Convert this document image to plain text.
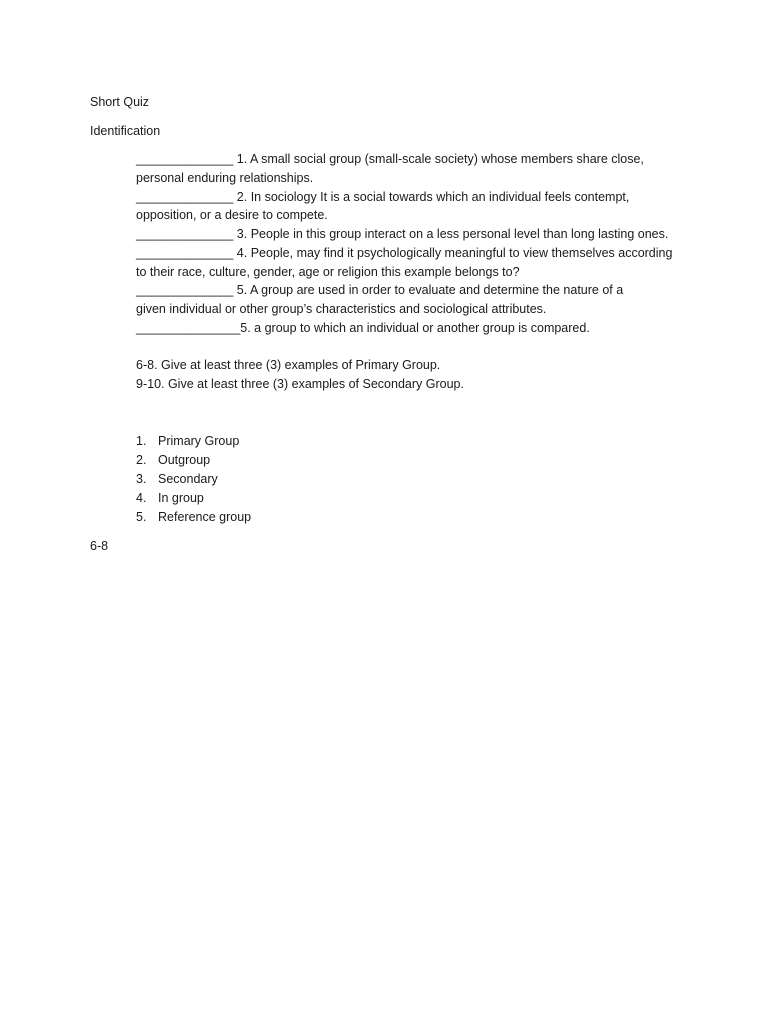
Short Quiz
Identification
______________ 1. A small social group (small-scale society) whose members share close,
personal enduring relationships.
______________ 2. In sociology It is a social towards which an individual feels contempt,
opposition, or a desire to compete.
______________ 3. People in this group interact on a less personal level than long lasting ones.
______________ 4. People, may find it psychologically meaningful to view themselves according
to their race, culture, gender, age or religion this example belongs to?
______________ 5. A group are used in order to evaluate and determine the nature of a
given individual or other group’s characteristics and sociological attributes.
_______________5. a group to which an individual or another group is compared.
6-8. Give at least three (3) examples of Primary Group.
9-10. Give at least three (3) examples of Secondary Group.
1. Primary Group
2. Outgroup
3. Secondary
4. In group
5. Reference group
6-8
